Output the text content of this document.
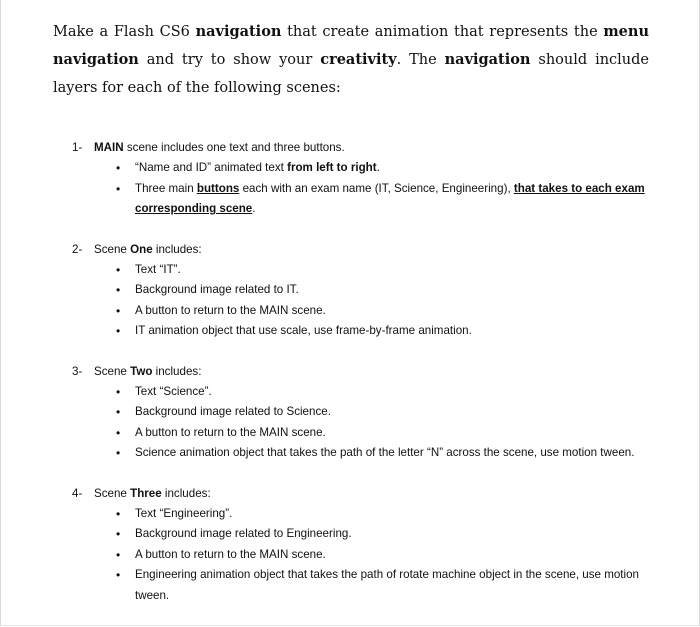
Make a Flash CS6 navigation that create animation that represents the menu navigation and try to show your creativity. The navigation should include layers for each of the following scenes:

1- MAIN scene includes one text and three buttons.
• “Name and ID” animated text from left to right.
• Three main buttons each with an exam name (IT, Science, Engineering), that takes to each exam corresponding scene.
2- Scene One includes:
• Text “IT”.
• Background image related to IT.
• A button to return to the MAIN scene.
• IT animation object that use scale, use frame-by-frame animation.
3- Scene Two includes:
• Text “Science”.
• Background image related to Science.
• A button to return to the MAIN scene.
• Science animation object that takes the path of the letter “N” across the scene, use motion tween.
4- Scene Three includes:
• Text “Engineering”.
• Background image related to Engineering.
• A button to return to the MAIN scene.
• Engineering animation object that takes the path of rotate machine object in the scene, use motion tween.
